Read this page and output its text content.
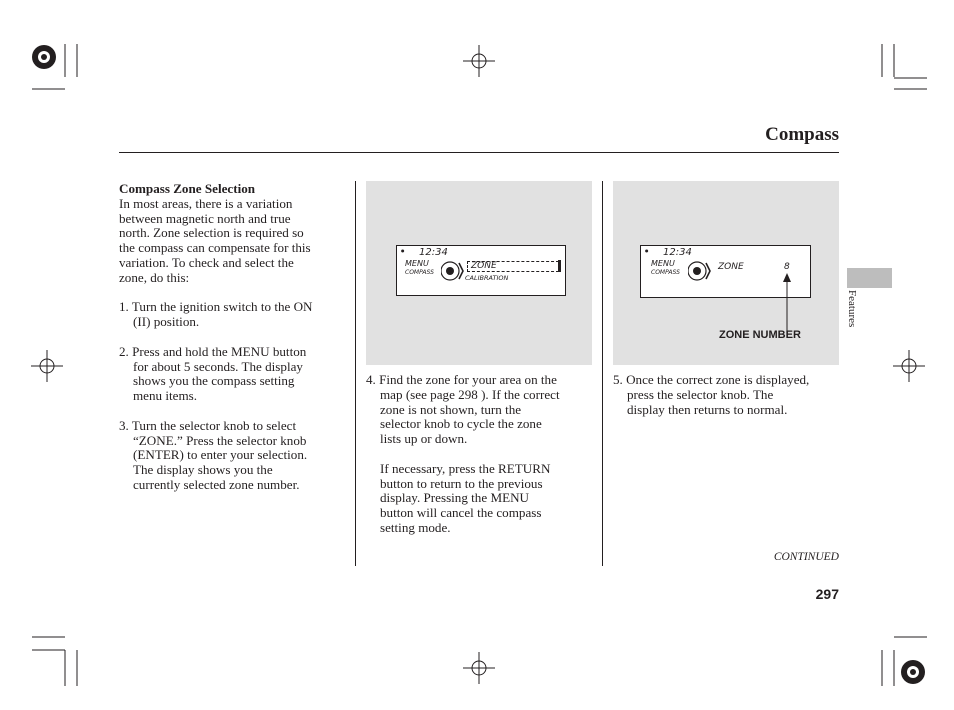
Compass

Compass Zone Selection

In most areas, there is a variation

between magnetic north and true

north. Zone selection is required so

the compass can compensate for this

variation. To check and select the

zone, do this:

1. Turn the ignition switch to the ON

(II) position.

2. Press and hold the MENU button

for about 5 seconds. The display

shows you the compass setting

menu items.

3. Turn the selector knob to select

“ZONE.” Press the selector knob

(ENTER) to enter your selection.

The display shows you the

currently selected zone number.

● 12:34
MENU
COMPASS
ZONE
CALIBRATION

4. Find the zone for your area on the

map (see page 298 ). If the correct

zone is not shown, turn the

selector knob to cycle the zone

lists up or down.

If necessary, press the RETURN

button to return to the previous

display. Pressing the MENU

button will cancel the compass

setting mode.

● 12:34
MENU
COMPASS
ZONE	8
ZONE NUMBER

5. Once the correct zone is displayed,

press the selector knob. The

display then returns to normal.

Features
CONTINUED
297
